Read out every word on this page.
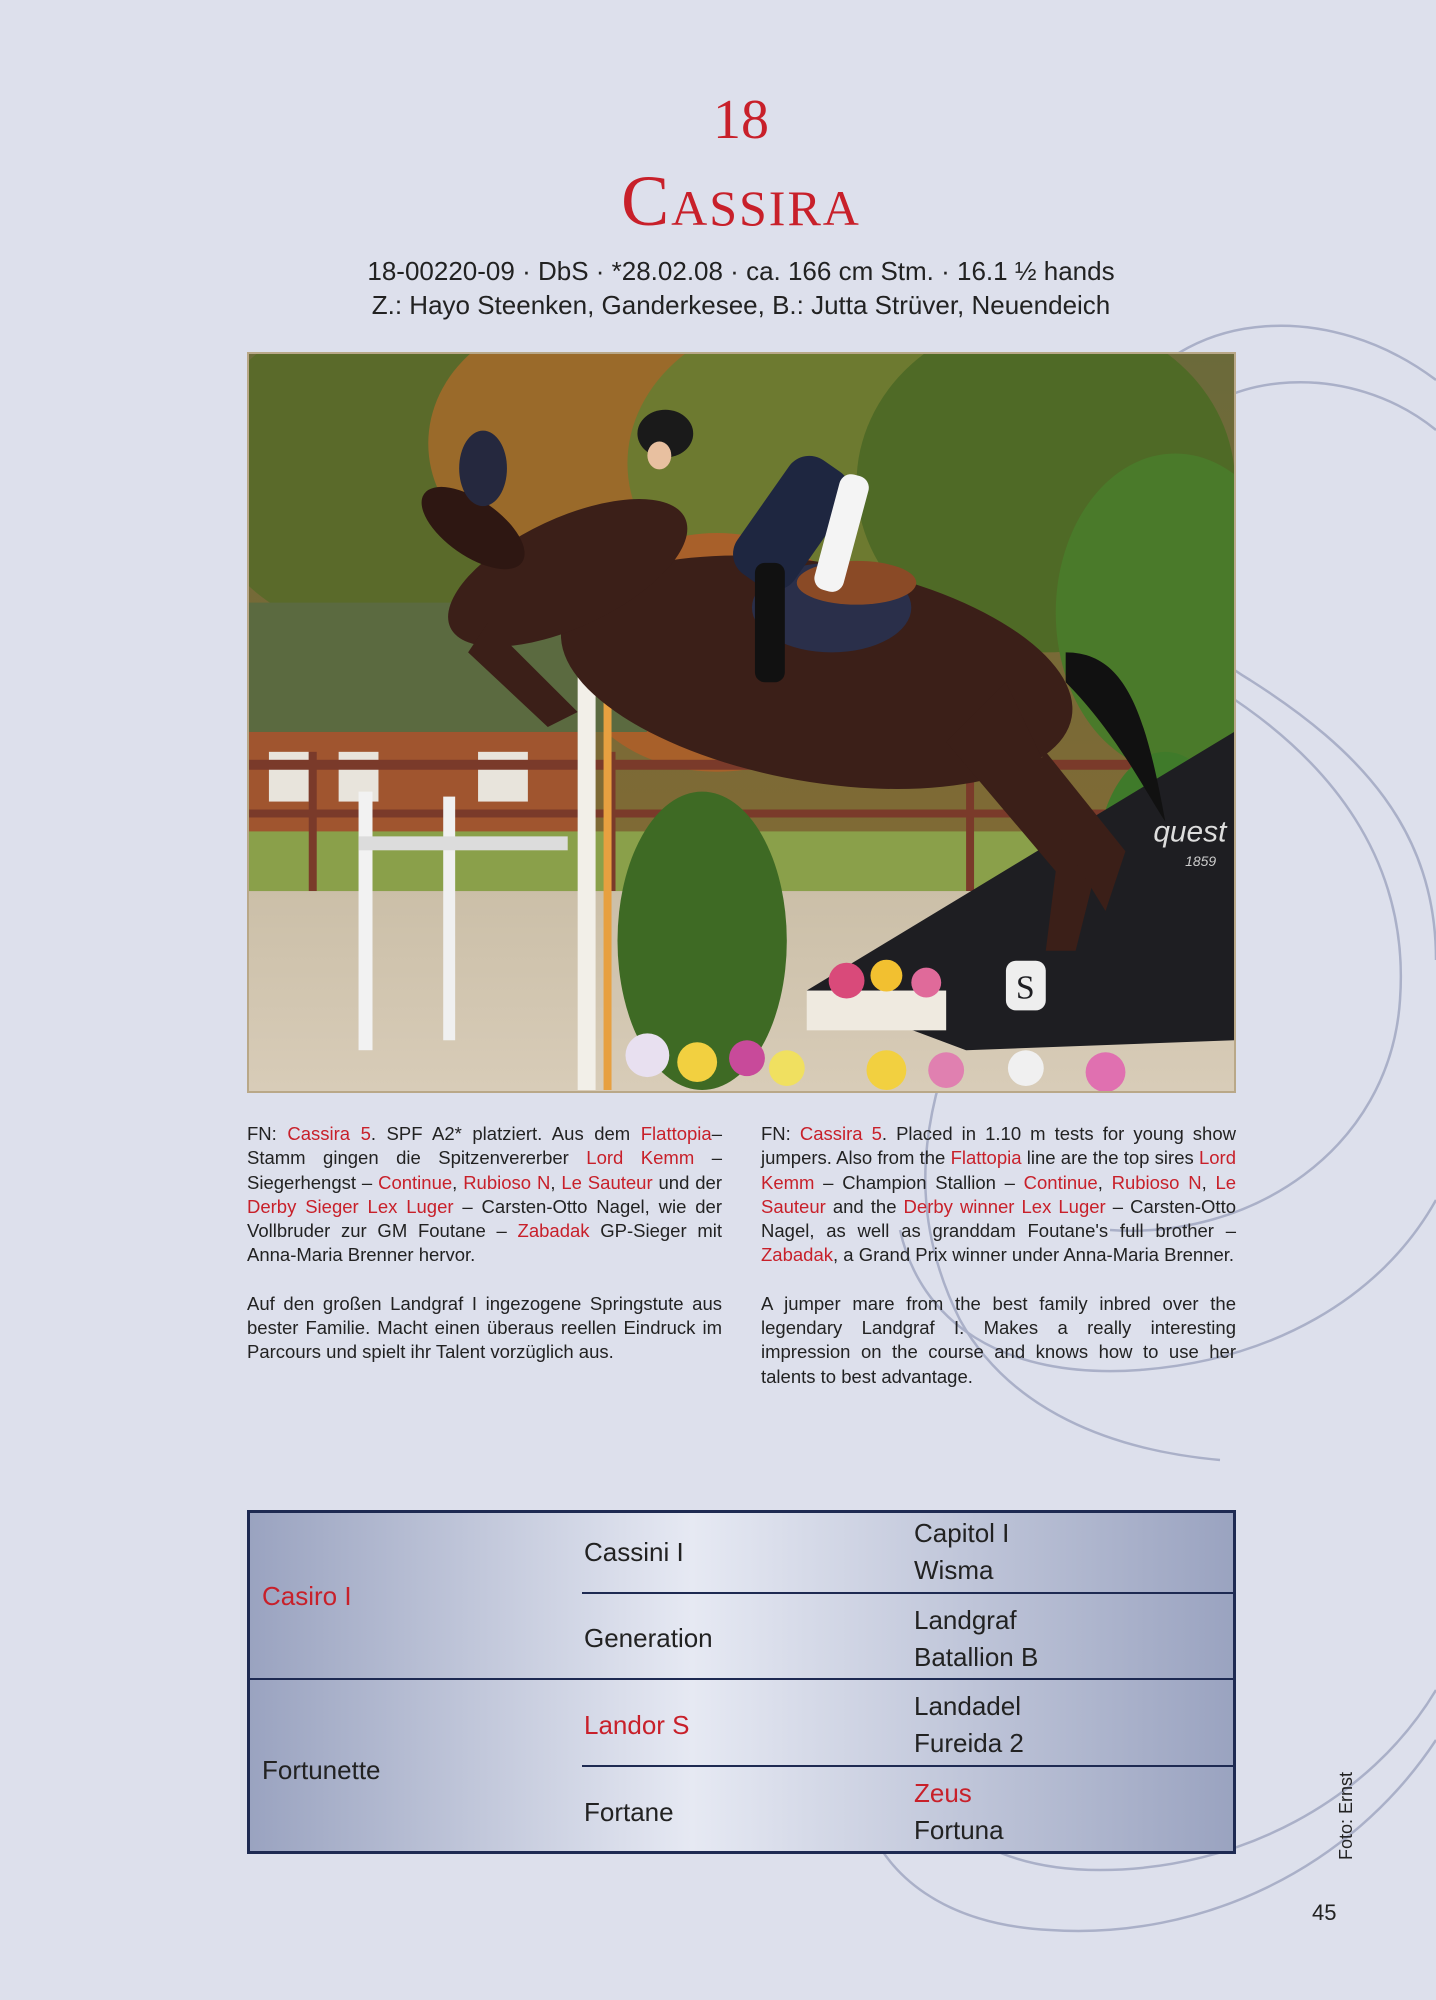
18
Cassira
18-00220-09 · DbS · *28.02.08 · ca. 166 cm Stm. · 16.1 ½ hands
Z.: Hayo Steenken, Ganderkesee, B.: Jutta Strüver, Neuendeich
quest
1859
S

FN: Cassira 5. SPF A2* platziert. Aus dem Flattopia–Stamm gingen die Spitzenvererber Lord Kemm – Siegerhengst – Continue, Rubioso N, Le Sauteur und der Derby Sieger Lex Luger – Carsten-Otto Nagel, wie der Vollbruder zur GM Foutane – Zabadak GP-Sieger mit Anna-Maria Brenner hervor.

Auf den großen Landgraf I ingezogene Springstute aus bester Familie. Macht einen überaus reellen Eindruck im Parcours und spielt ihr Talent vorzüglich aus.

FN: Cassira 5. Placed in 1.10 m tests for young show jumpers. Also from the Flattopia line are the top sires Lord Kemm – Champion Stallion – Continue, Rubioso N, Le Sauteur and the Derby winner Lex Luger – Carsten-Otto Nagel, as well as granddam Foutane's full brother – Zabadak, a Grand Prix winner under Anna-Maria Brenner.

A jumper mare from the best family inbred over the legendary Landgraf I. Makes a really interesting impression on the course and knows how to use her talents to best advantage.

Casiro I
Fortunette
Cassini I
Generation
Landor S
Fortane
Capitol I
Wisma
Landgraf
Batallion B
Landadel
Fureida 2
Zeus
Fortuna	Foto: Ernst
45
